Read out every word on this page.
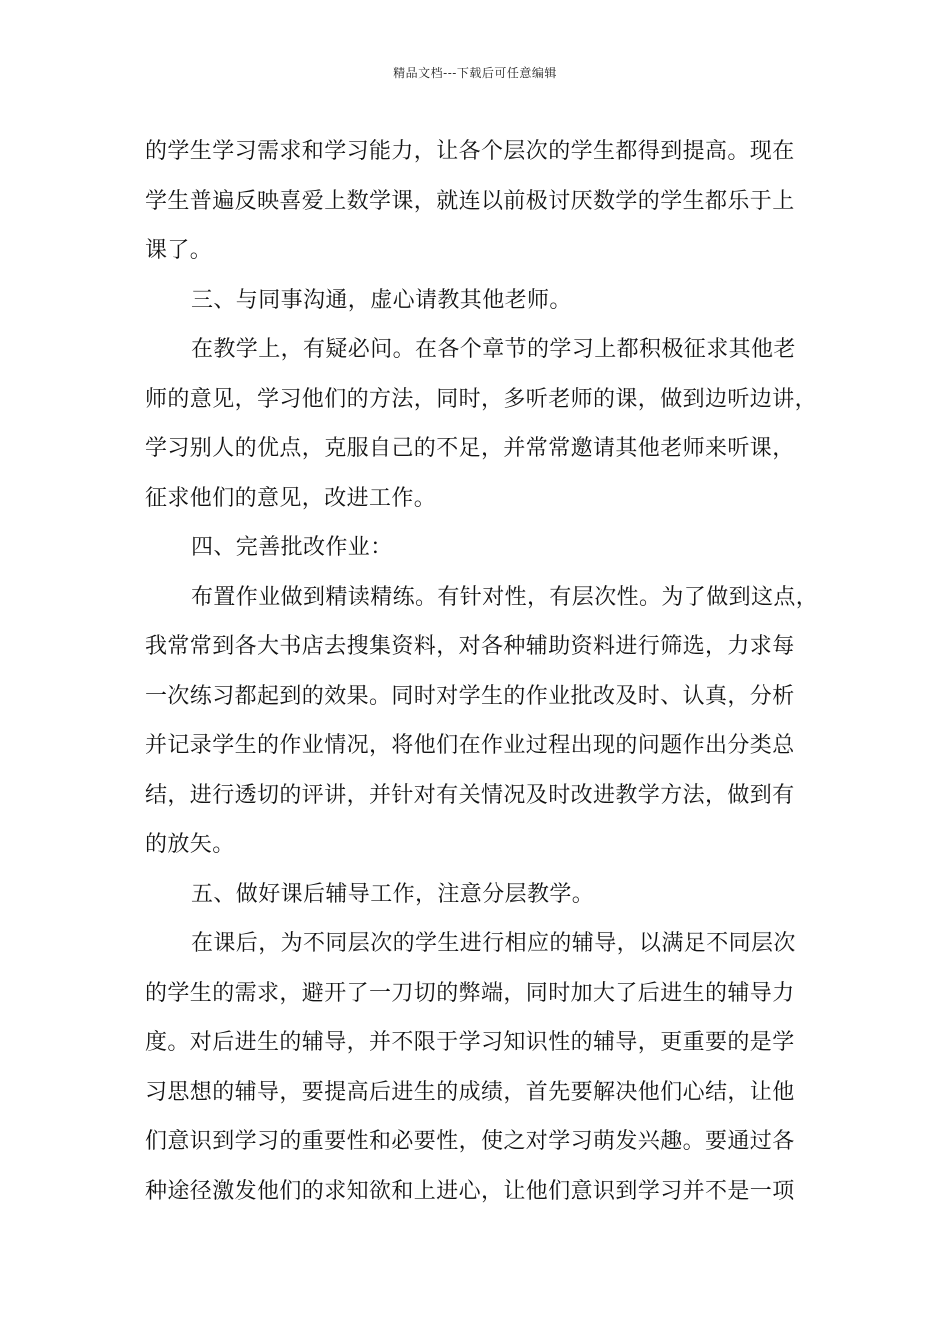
精品文档---下载后可任意编辑
的学生学习需求和学习能力，让各个层次的学生都得到提高。现在
学生普遍反映喜爱上数学课，就连以前极讨厌数学的学生都乐于上
课了。
三、与同事沟通，虚心请教其他老师。
在教学上，有疑必问。在各个章节的学习上都积极征求其他老
师的意见，学习他们的方法，同时，多听老师的课，做到边听边讲，
学习别人的优点，克服自己的不足，并常常邀请其他老师来听课，
征求他们的意见，改进工作。
四、完善批改作业：
布置作业做到精读精练。有针对性，有层次性。为了做到这点，
我常常到各大书店去搜集资料，对各种辅助资料进行筛选，力求每
一次练习都起到的效果。同时对学生的作业批改及时、认真，分析
并记录学生的作业情况，将他们在作业过程出现的问题作出分类总
结，进行透切的评讲，并针对有关情况及时改进教学方法，做到有
的放矢。
五、做好课后辅导工作，注意分层教学。
在课后，为不同层次的学生进行相应的辅导，以满足不同层次
的学生的需求，避开了一刀切的弊端，同时加大了后进生的辅导力
度。对后进生的辅导，并不限于学习知识性的辅导，更重要的是学
习思想的辅导，要提高后进生的成绩，首先要解决他们心结，让他
们意识到学习的重要性和必要性，使之对学习萌发兴趣。要通过各
种途径激发他们的求知欲和上进心，让他们意识到学习并不是一项
